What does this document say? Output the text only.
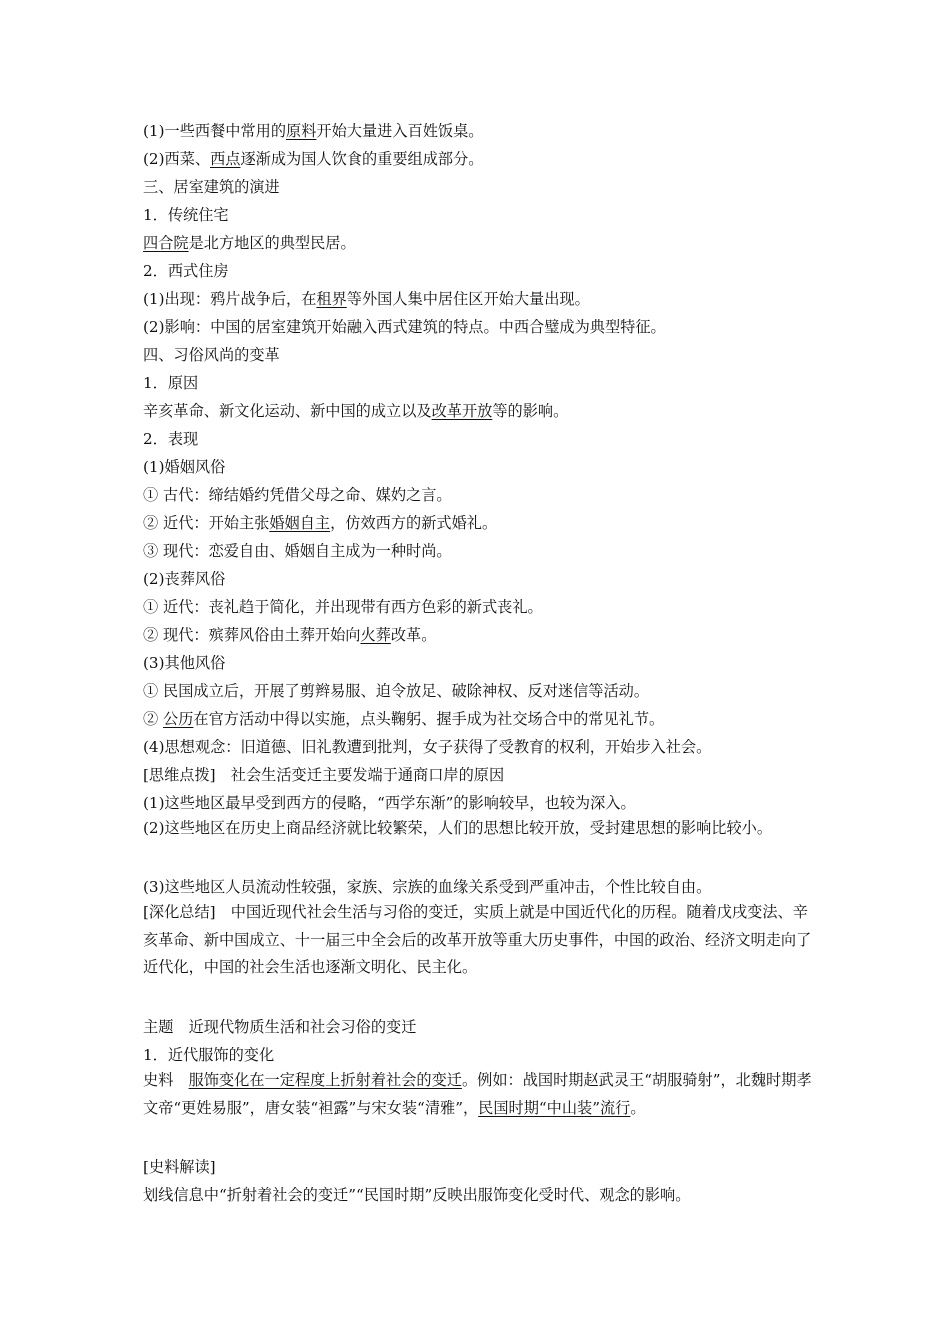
(1)一些西餐中常用的原料开始大量进入百姓饭桌。
(2)西菜、西点逐渐成为国人饮食的重要组成部分。
三、居室建筑的演进
1．传统住宅
四合院是北方地区的典型民居。
2．西式住房
(1)出现：鸦片战争后，在租界等外国人集中居住区开始大量出现。
(2)影响：中国的居室建筑开始融入西式建筑的特点。中西合璧成为典型特征。
四、习俗风尚的变革
1．原因
辛亥革命、新文化运动、新中国的成立以及改革开放等的影响。
2．表现
(1)婚姻风俗
① 古代：缔结婚约凭借父母之命、媒妁之言。
② 近代：开始主张婚姻自主，仿效西方的新式婚礼。
③ 现代：恋爱自由、婚姻自主成为一种时尚。
(2)丧葬风俗
① 近代：丧礼趋于简化，并出现带有西方色彩的新式丧礼。
② 现代：殡葬风俗由土葬开始向火葬改革。
(3)其他风俗
① 民国成立后，开展了剪辫易服、迫令放足、破除神权、反对迷信等活动。
② 公历在官方活动中得以实施，点头鞠躬、握手成为社交场合中的常见礼节。
(4)思想观念：旧道德、旧礼教遭到批判，女子获得了受教育的权利，开始步入社会。
[思维点拨]　社会生活变迁主要发端于通商口岸的原因
(1)这些地区最早受到西方的侵略，“西学东渐”的影响较早，也较为深入。
(2)这些地区在历史上商品经济就比较繁荣，人们的思想比较开放，受封建思想的影响比较小。
(3)这些地区人员流动性较强，家族、宗族的血缘关系受到严重冲击，个性比较自由。
[深化总结]　中国近现代社会生活与习俗的变迁，实质上就是中国近代化的历程。随着戊戌变法、辛亥革命、新中国成立、十一届三中全会后的改革开放等重大历史事件，中国的政治、经济文明走向了近代化，中国的社会生活也逐渐文明化、民主化。
主题　近现代物质生活和社会习俗的变迁
1．近代服饰的变化
史料　服饰变化在一定程度上折射着社会的变迁。例如：战国时期赵武灵王“胡服骑射”，北魏时期孝文帝“更姓易服”，唐女装“袒露”与宋女装“清雅”，民国时期“中山装”流行。
[史料解读]
划线信息中“折射着社会的变迁”“民国时期”反映出服饰变化受时代、观念的影响。
